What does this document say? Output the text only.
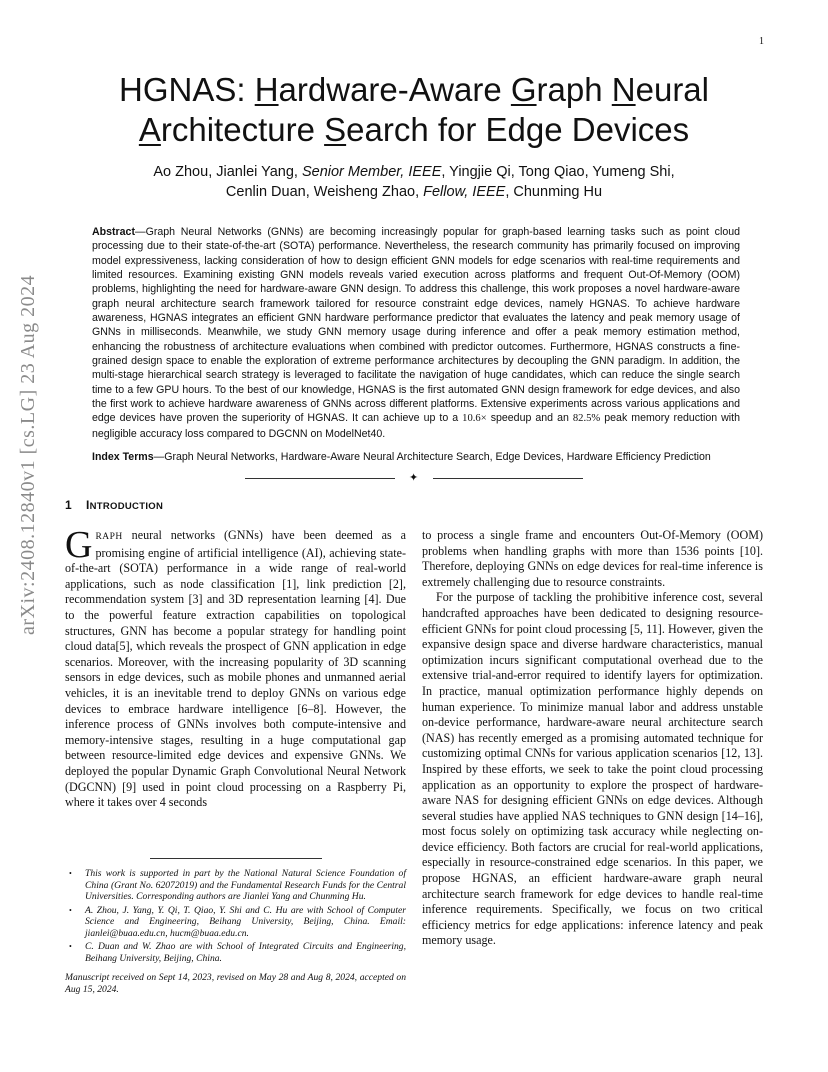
1
arXiv:2408.12840v1 [cs.LG] 23 Aug 2024
HGNAS: Hardware-Aware Graph Neural
Architecture Search for Edge Devices
Ao Zhou, Jianlei Yang, Senior Member, IEEE, Yingjie Qi, Tong Qiao, Yumeng Shi,
Cenlin Duan, Weisheng Zhao, Fellow, IEEE, Chunming Hu
Abstract—Graph Neural Networks (GNNs) are becoming increasingly popular for graph-based learning tasks such as point cloud processing due to their state-of-the-art (SOTA) performance. Nevertheless, the research community has primarily focused on improving model expressiveness, lacking consideration of how to design efficient GNN models for edge scenarios with real-time requirements and limited resources. Examining existing GNN models reveals varied execution across platforms and frequent Out-Of-Memory (OOM) problems, highlighting the need for hardware-aware GNN design. To address this challenge, this work proposes a novel hardware-aware graph neural architecture search framework tailored for resource constraint edge devices, namely HGNAS. To achieve hardware awareness, HGNAS integrates an efficient GNN hardware performance predictor that evaluates the latency and peak memory usage of GNNs in milliseconds. Meanwhile, we study GNN memory usage during inference and offer a peak memory estimation method, enhancing the robustness of architecture evaluations when combined with predictor outcomes. Furthermore, HGNAS constructs a fine-grained design space to enable the exploration of extreme performance architectures by decoupling the GNN paradigm. In addition, the multi-stage hierarchical search strategy is leveraged to facilitate the navigation of huge candidates, which can reduce the single search time to a few GPU hours. To the best of our knowledge, HGNAS is the first automated GNN design framework for edge devices, and also the first work to achieve hardware awareness of GNNs across different platforms. Extensive experiments across various applications and edge devices have proven the superiority of HGNAS. It can achieve up to a 10.6× speedup and an 82.5% peak memory reduction with negligible accuracy loss compared to DGCNN on ModelNet40.
Index Terms—Graph Neural Networks, Hardware-Aware Neural Architecture Search, Edge Devices, Hardware Efficiency Prediction
✦
1 INTRODUCTION

GRAPH neural networks (GNNs) have been deemed as a promising engine of artificial intelligence (AI), achieving state-of-the-art (SOTA) performance in a wide range of real-world applications, such as node classification [1], link prediction [2], recommendation system [3] and 3D representation learning [4]. Due to the powerful feature extraction capabilities on topological structures, GNN has become a popular strategy for handling point cloud data[5], which reveals the prospect of GNN application in edge scenarios. Moreover, with the increasing popularity of 3D scanning sensors in edge devices, such as mobile phones and unmanned aerial vehicles, it is an inevitable trend to deploy GNNs on various edge devices to embrace hardware intelligence [6–8]. However, the inference process of GNNs involves both compute-intensive and memory-intensive stages, resulting in a huge computational gap between resource-limited edge devices and expensive GNNs. We deployed the popular Dynamic Graph Convolutional Neural Network (DGCNN) [9] used in point cloud processing on a Raspberry Pi, where it takes over 4 seconds

to process a single frame and encounters Out-Of-Memory (OOM) problems when handling graphs with more than 1536 points [10]. Therefore, deploying GNNs on edge devices for real-time inference is extremely challenging due to resource constraints.

For the purpose of tackling the prohibitive inference cost, several handcrafted approaches have been dedicated to designing resource-efficient GNNs for point cloud processing [5, 11]. However, given the expansive design space and diverse hardware characteristics, manual optimization incurs significant computational overhead due to the extensive trial-and-error required to identify layers for optimization. In practice, manual optimization performance highly depends on human experience. To minimize manual labor and address unstable on-device performance, hardware-aware neural architecture search (NAS) has recently emerged as a promising automated technique for customizing optimal CNNs for various application scenarios [12, 13]. Inspired by these efforts, we seek to take the point cloud processing application as an opportunity to explore the prospect of hardware-aware NAS for designing efficient GNNs on edge devices. Although several studies have applied NAS techniques to GNN design [14–16], most focus solely on optimizing task accuracy while neglecting on-device efficiency. Both factors are crucial for real-world applications, especially in resource-constrained edge scenarios. In this paper, we propose HGNAS, an efficient hardware-aware graph neural architecture search framework for edge devices to handle real-time inference requirements. Specifically, we focus on two critical efficiency metrics for edge applications: inference latency and peak memory usage.

• This work is supported in part by the National Natural Science Foundation of China (Grant No. 62072019) and the Fundamental Research Funds for the Central Universities. Corresponding authors are Jianlei Yang and Chunming Hu.
• A. Zhou, J. Yang, Y. Qi, T. Qiao, Y. Shi and C. Hu are with School of Computer Science and Engineering, Beihang University, Beijing, China. Email: jianlei@buaa.edu.cn, hucm@buaa.edu.cn.
• C. Duan and W. Zhao are with School of Integrated Circuits and Engineering, Beihang University, Beijing, China.
Manuscript received on Sept 14, 2023, revised on May 28 and Aug 8, 2024, accepted on Aug 15, 2024.
